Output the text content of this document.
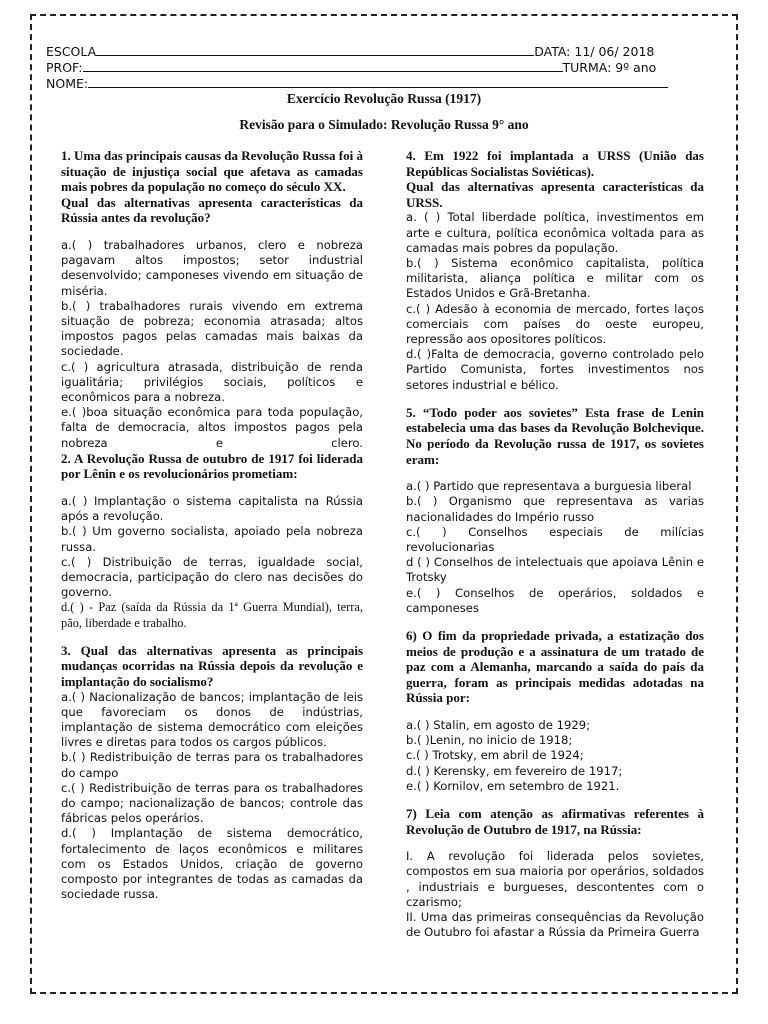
ESCOLA	DATA: 11/ 06/ 2018
PROF:	TURMA: 9º ano
NOME:
Exercício Revolução Russa (1917)
Revisão para o Simulado: Revolução Russa 9° ano

1. Uma das principais causas da Revolução Russa foi à situação de injustiça social que afetava as camadas mais pobres da população no começo do século XX.

Qual das alternativas apresenta características da Rússia antes da revolução?

a.( ) trabalhadores urbanos, clero e nobreza pagavam altos impostos; setor industrial desenvolvido; camponeses vivendo em situação de miséria.

b.( ) trabalhadores rurais vivendo em extrema situação de pobreza; economia atrasada; altos impostos pagos pelas camadas mais baixas da sociedade.

c.( ) agricultura atrasada, distribuição de renda igualitária; privilégios sociais, políticos e econômicos para a nobreza.

e.( )boa situação econômica para toda população, falta de democracia, altos impostos pagos pela nobreza e clero.

2. A Revolução Russa de outubro de 1917 foi liderada por Lênin e os revolucionários prometiam:

a.( ) Implantação o sistema capitalista na Rússia após a revolução.

b.( ) Um governo socialista, apoiado pela nobreza russa.

c.( ) Distribuição de terras, igualdade social, democracia, participação do clero nas decisões do governo.

d.( ) - Paz (saída da Rússia da 1ª Guerra Mundial), terra, pão, liberdade e trabalho.

3. Qual das alternativas apresenta as principais mudanças ocorridas na Rússia depois da revolução e implantação do socialismo?

a.( ) Nacionalização de bancos; implantação de leis que favoreciam os donos de indústrias, implantação de sistema democrático com eleições livres e diretas para todos os cargos públicos.

b.( ) Redistribuição de terras para os trabalhadores do campo

c.( ) Redistribuição de terras para os trabalhadores do campo; nacionalização de bancos; controle das fábricas pelos operários.

d.( ) Implantação de sistema democrático, fortalecimento de laços econômicos e militares com os Estados Unidos, criação de governo composto por integrantes de todas as camadas da sociedade russa.

4. Em 1922 foi implantada a URSS (União das Repúblicas Socialistas Soviéticas).

Qual das alternativas apresenta características da URSS.

a. ( ) Total liberdade política, investimentos em arte e cultura, política econômica voltada para as camadas mais pobres da população.

b.( ) Sistema econômico capitalista, política militarista, aliança política e militar com os Estados Unidos e Grã-Bretanha.

c.( ) Adesão à economia de mercado, fortes laços comerciais com países do oeste europeu, repressão aos opositores políticos.

d.( )Falta de democracia, governo controlado pelo Partido Comunista, fortes investimentos nos setores industrial e bélico.

5. “Todo poder aos sovietes” Esta frase de Lenin estabelecia uma das bases da Revolução Bolchevique. No período da Revolução russa de 1917, os sovietes eram:

a.( ) Partido que representava a burguesia liberal

b.( ) Organismo que representava as varias nacionalidades do Império russo

c.( ) Conselhos especiais de milícias revolucionarias

d ( ) Conselhos de intelectuais que apoiava Lênin e Trotsky

e.( ) Conselhos de operários, soldados e camponeses

6) O fim da propriedade privada, a estatização dos meios de produção e a assinatura de um tratado de paz com a Alemanha, marcando a saída do país da guerra, foram as principais medidas adotadas na Rússia por:

a.( ) Stalin, em agosto de 1929;

b.( )Lenin, no inicio de 1918;

c.( ) Trotsky, em abril de 1924;

d.( ) Kerensky, em fevereiro de 1917;

e.( ) Kornilov, em setembro de 1921.

7) Leia com atenção as afirmativas referentes à Revolução de Outubro de 1917, na Rússia:

I. A revolução foi liderada pelos sovietes, compostos em sua maioria por operários, soldados , industriais e burgueses, descontentes com o czarismo;

II. Uma das primeiras consequências da Revolução de Outubro foi afastar a Rússia da Primeira Guerra
